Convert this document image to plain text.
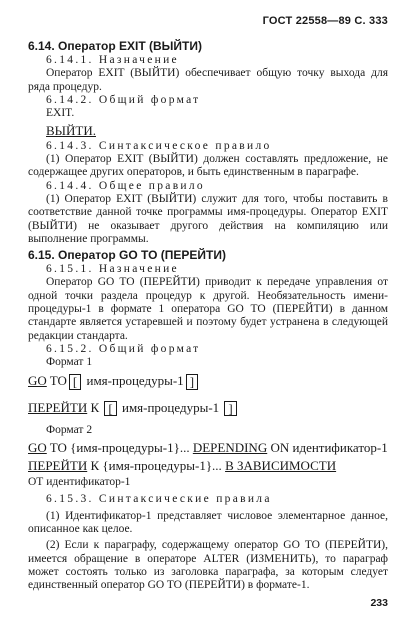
ГОСТ 22558—89 С. 333

6.14. Оператор EXIT (ВЫЙТИ)

6.14.1. Назначение

Оператор EXIT (ВЫЙТИ) обеспечивает общую точку выхода для ряда процедур.

6.14.2. Общий формат

EXIT.

ВЫЙТИ.

6.14.3. Синтаксическое правило

(1) Оператор EXIT (ВЫЙТИ) должен составлять предложение, не содержащее других операторов, и быть единственным в параграфе.

6.14.4. Общее правило

(1) Оператор EXIT (ВЫЙТИ) служит для того, чтобы поставить в соответствие данной точке программы имя-процедуры. Оператор EXIT (ВЫЙТИ) не оказывает другого действия на компиляцию или выполнение программы.

6.15. Оператор GO TO (ПЕРЕЙТИ)

6.15.1. Назначение

Оператор GO TO (ПЕРЕЙТИ) приводит к передаче управления от одной точки раздела процедур к другой. Необязательность имени-процедуры-1 в формате 1 оператора GO TO (ПЕРЕЙТИ) в данном стандарте является устаревшей и поэтому будет устранена в следующей редакции стандарта.

6.15.2. Общий формат

Формат 1

GO TO [ имя-процедуры-1 ]

ПЕРЕЙТИ К [ имя-процедуры-1 ]

Формат 2

GO TO {имя-процедуры-1}... DEPENDING ON идентификатор-1

ПЕРЕЙТИ К {имя-процедуры-1}... В ЗАВИСИМОСТИ

ОТ идентификатор-1

6.15.3. Синтаксические правила

(1) Идентификатор-1 представляет числовое элементарное данное, описанное как целое.

(2) Если к параграфу, содержащему оператор GO TO (ПЕРЕЙТИ), имеется обращение в операторе ALTER (ИЗМЕНИТЬ), то параграф может состоять только из заголовка параграфа, за которым следует единственный оператор GO TO (ПЕРЕЙТИ) в формате-1.

233
